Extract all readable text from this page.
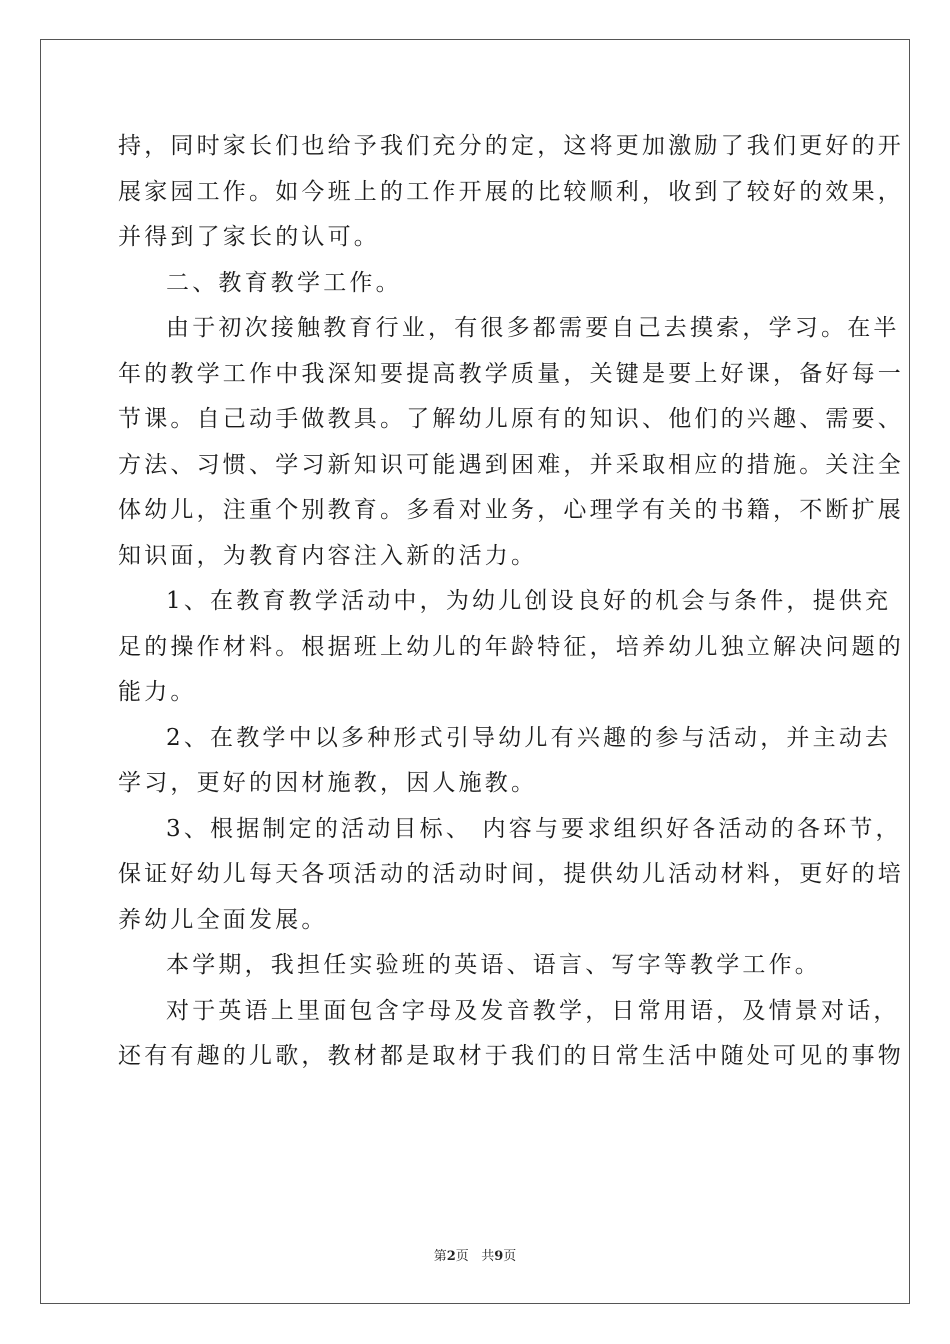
持，同时家长们也给予我们充分的定，这将更加激励了我们更好的开
展家园工作。如今班上的工作开展的比较顺利，收到了较好的效果，
并得到了家长的认可。

二、教育教学工作。

由于初次接触教育行业，有很多都需要自己去摸索，学习。在半
年的教学工作中我深知要提高教学质量，关键是要上好课，备好每一
节课。自己动手做教具。了解幼儿原有的知识、他们的兴趣、需要、
方法、习惯、学习新知识可能遇到困难，并采取相应的措施。关注全
体幼儿，注重个别教育。多看对业务，心理学有关的书籍，不断扩展
知识面，为教育内容注入新的活力。

1、在教育教学活动中，为幼儿创设良好的机会与条件，提供充
足的操作材料。根据班上幼儿的年龄特征，培养幼儿独立解决问题的
能力。

2、在教学中以多种形式引导幼儿有兴趣的参与活动，并主动去
学习，更好的因材施教，因人施教。

3、根据制定的活动目标、 内容与要求组织好各活动的各环节，
保证好幼儿每天各项活动的活动时间，提供幼儿活动材料，更好的培
养幼儿全面发展。

本学期，我担任实验班的英语、语言、写字等教学工作。

对于英语上里面包含字母及发音教学，日常用语，及情景对话，
还有有趣的儿歌，教材都是取材于我们的日常生活中随处可见的事物

第2页 共9页
